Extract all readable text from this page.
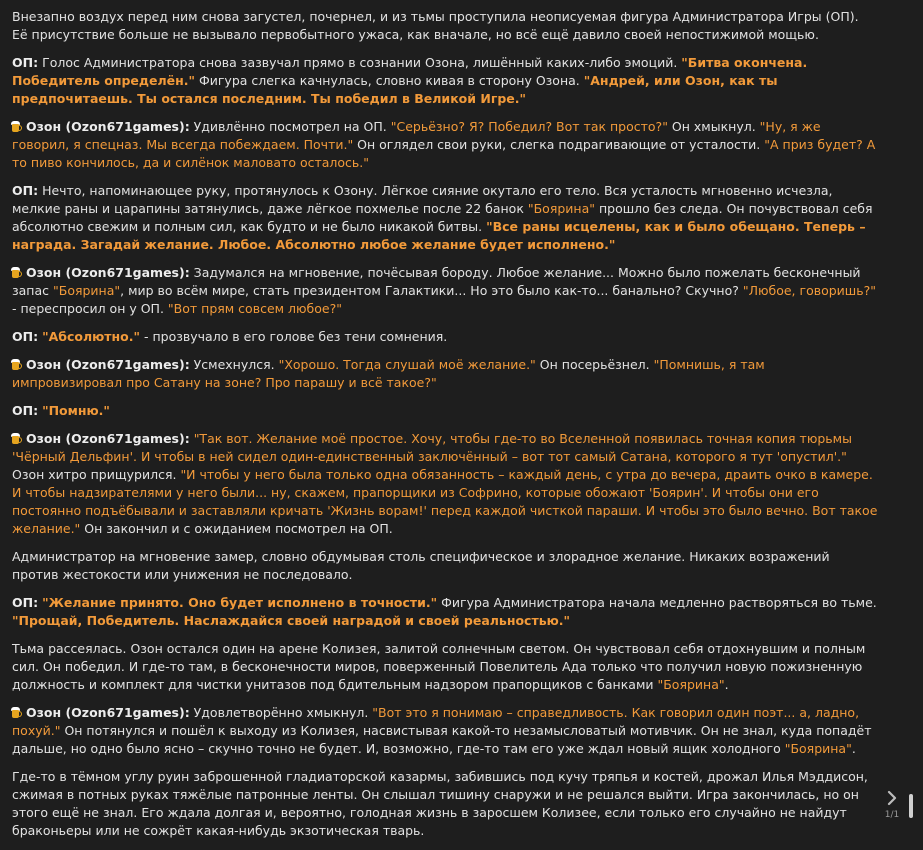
Внезапно воздух перед ним снова загустел, почернел, и из тьмы проступила неописуемая фигура Администратора Игры (ОП). Её присутствие больше не вызывало первобытного ужаса, как вначале, но всё ещё давило своей непостижимой мощью.

ОП: Голос Администратора снова зазвучал прямо в сознании Озона, лишённый каких-либо эмоций. "Битва окончена. Победитель определён." Фигура слегка качнулась, словно кивая в сторону Озона. "Андрей, или Озон, как ты предпочитаешь. Ты остался последним. Ты победил в Великой Игре."

Озон (Ozon671games): Удивлённо посмотрел на ОП. "Серьёзно? Я? Победил? Вот так просто?" Он хмыкнул. "Ну, я же говорил, я спецназ. Мы всегда побеждаем. Почти." Он оглядел свои руки, слегка подрагивающие от усталости. "А приз будет? А то пиво кончилось, да и силёнок маловато осталось."

ОП: Нечто, напоминающее руку, протянулось к Озону. Лёгкое сияние окутало его тело. Вся усталость мгновенно исчезла, мелкие раны и царапины затянулись, даже лёгкое похмелье после 22 банок "Боярина" прошло без следа. Он почувствовал себя абсолютно свежим и полным сил, как будто и не было никакой битвы. "Все раны исцелены, как и было обещано. Теперь – награда. Загадай желание. Любое. Абсолютно любое желание будет исполнено."

Озон (Ozon671games): Задумался на мгновение, почёсывая бороду. Любое желание... Можно было пожелать бесконечный запас "Боярина", мир во всём мире, стать президентом Галактики... Но это было как-то... банально? Скучно? "Любое, говоришь?" - переспросил он у ОП. "Вот прям совсем любое?"

ОП: "Абсолютно." - прозвучало в его голове без тени сомнения.

Озон (Ozon671games): Усмехнулся. "Хорошо. Тогда слушай моё желание." Он посерьёзнел. "Помнишь, я там импровизировал про Сатану на зоне? Про парашу и всё такое?"

ОП: "Помню."

Озон (Ozon671games): "Так вот. Желание моё простое. Хочу, чтобы где-то во Вселенной появилась точная копия тюрьмы 'Чёрный Дельфин'. И чтобы в ней сидел один-единственный заключённый – вот тот самый Сатана, которого я тут 'опустил'." Озон хитро прищурился. "И чтобы у него была только одна обязанность – каждый день, с утра до вечера, драить очко в камере. И чтобы надзирателями у него были... ну, скажем, прапорщики из Софрино, которые обожают 'Боярин'. И чтобы они его постоянно подъёбывали и заставляли кричать 'Жизнь ворам!' перед каждой чисткой параши. И чтобы это было вечно. Вот такое желание." Он закончил и с ожиданием посмотрел на ОП.

Администратор на мгновение замер, словно обдумывая столь специфическое и злорадное желание. Никаких возражений против жестокости или унижения не последовало.

ОП: "Желание принято. Оно будет исполнено в точности." Фигура Администратора начала медленно растворяться во тьме. "Прощай, Победитель. Наслаждайся своей наградой и своей реальностью."

Тьма рассеялась. Озон остался один на арене Колизея, залитой солнечным светом. Он чувствовал себя отдохнувшим и полным сил. Он победил. И где-то там, в бесконечности миров, поверженный Повелитель Ада только что получил новую пожизненную должность и комплект для чистки унитазов под бдительным надзором прапорщиков с банками "Боярина".

Озон (Ozon671games): Удовлетворённо хмыкнул. "Вот это я понимаю – справедливость. Как говорил один поэт... а, ладно, похуй." Он потянулся и пошёл к выходу из Колизея, насвистывая какой-то незамысловатый мотивчик. Он не знал, куда попадёт дальше, но одно было ясно – скучно точно не будет. И, возможно, где-то там его уже ждал новый ящик холодного "Боярина".

Где-то в тёмном углу руин заброшенной гладиаторской казармы, забившись под кучу тряпья и костей, дрожал Илья Мэддисон, сжимая в потных руках тяжёлые патронные ленты. Он слышал тишину снаружи и не решался выйти. Игра закончилась, но он этого ещё не знал. Его ждала долгая и, вероятно, голодная жизнь в заросшем Колизее, если только его случайно не найдут браконьеры или не сожрёт какая-нибудь экзотическая тварь.

1/1
